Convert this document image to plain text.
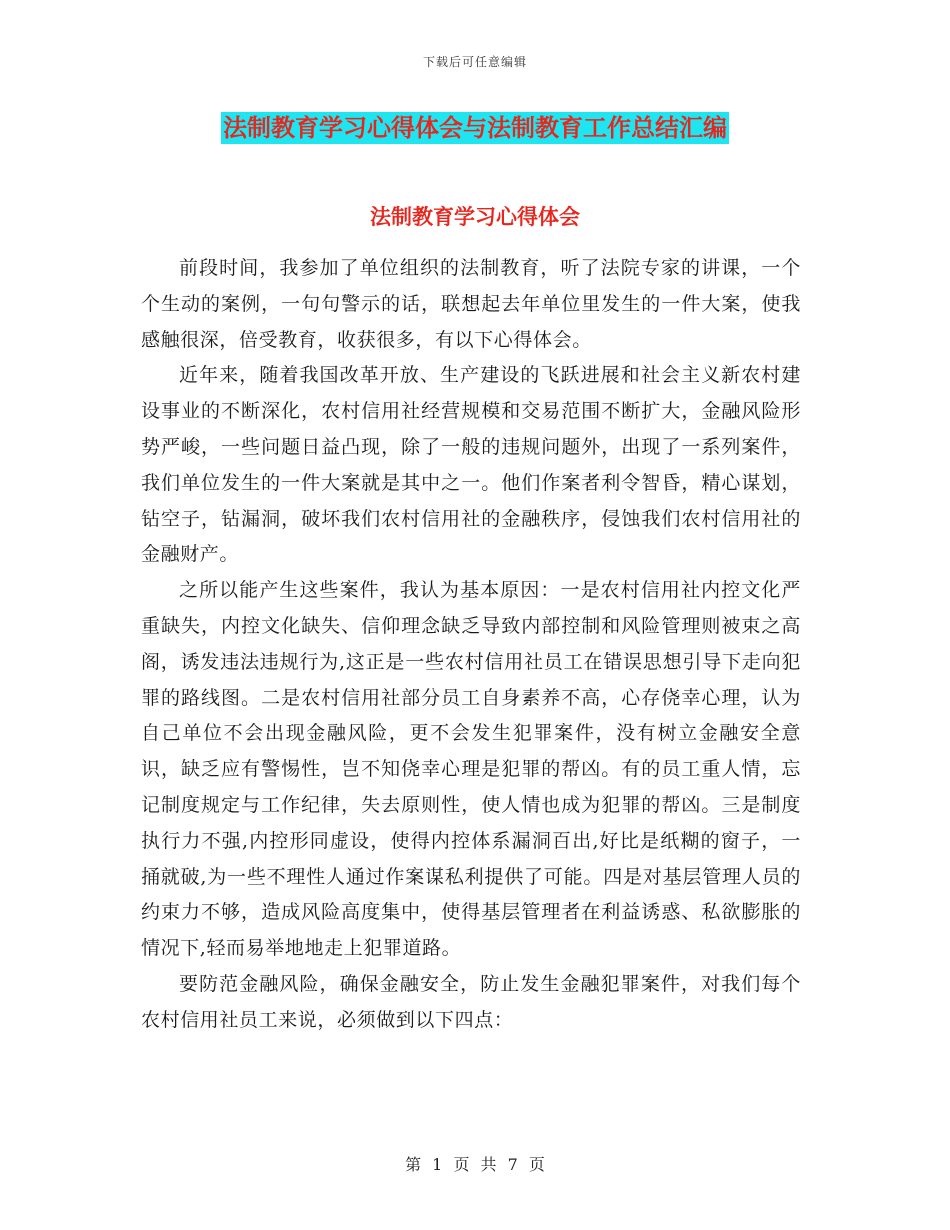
下载后可任意编辑
法制教育学习心得体会与法制教育工作总结汇编
法制教育学习心得体会

前段时间，我参加了单位组织的法制教育，听了法院专家的讲课，一个个生动的案例，一句句警示的话，联想起去年单位里发生的一件大案，使我感触很深，倍受教育，收获很多，有以下心得体会。

近年来，随着我国改革开放、生产建设的飞跃进展和社会主义新农村建设事业的不断深化，农村信用社经营规模和交易范围不断扩大，金融风险形势严峻，一些问题日益凸现，除了一般的违规问题外，出现了一系列案件，我们单位发生的一件大案就是其中之一。他们作案者利令智昏，精心谋划，钻空子，钻漏洞，破坏我们农村信用社的金融秩序，侵蚀我们农村信用社的金融财产。

之所以能产生这些案件，我认为基本原因：一是农村信用社内控文化严重缺失，内控文化缺失、信仰理念缺乏导致内部控制和风险管理则被束之高阁，诱发违法违规行为,这正是一些农村信用社员工在错误思想引导下走向犯罪的路线图。二是农村信用社部分员工自身素养不高，心存侥幸心理，认为自己单位不会出现金融风险，更不会发生犯罪案件，没有树立金融安全意识，缺乏应有警惕性，岂不知侥幸心理是犯罪的帮凶。有的员工重人情，忘记制度规定与工作纪律，失去原则性，使人情也成为犯罪的帮凶。三是制度执行力不强,内控形同虚设，使得内控体系漏洞百出,好比是纸糊的窗子，一捅就破,为一些不理性人通过作案谋私利提供了可能。四是对基层管理人员的约束力不够，造成风险高度集中，使得基层管理者在利益诱惑、私欲膨胀的情况下,轻而易举地地走上犯罪道路。

要防范金融风险，确保金融安全，防止发生金融犯罪案件，对我们每个农村信用社员工来说，必须做到以下四点：

第 1 页 共 7 页
